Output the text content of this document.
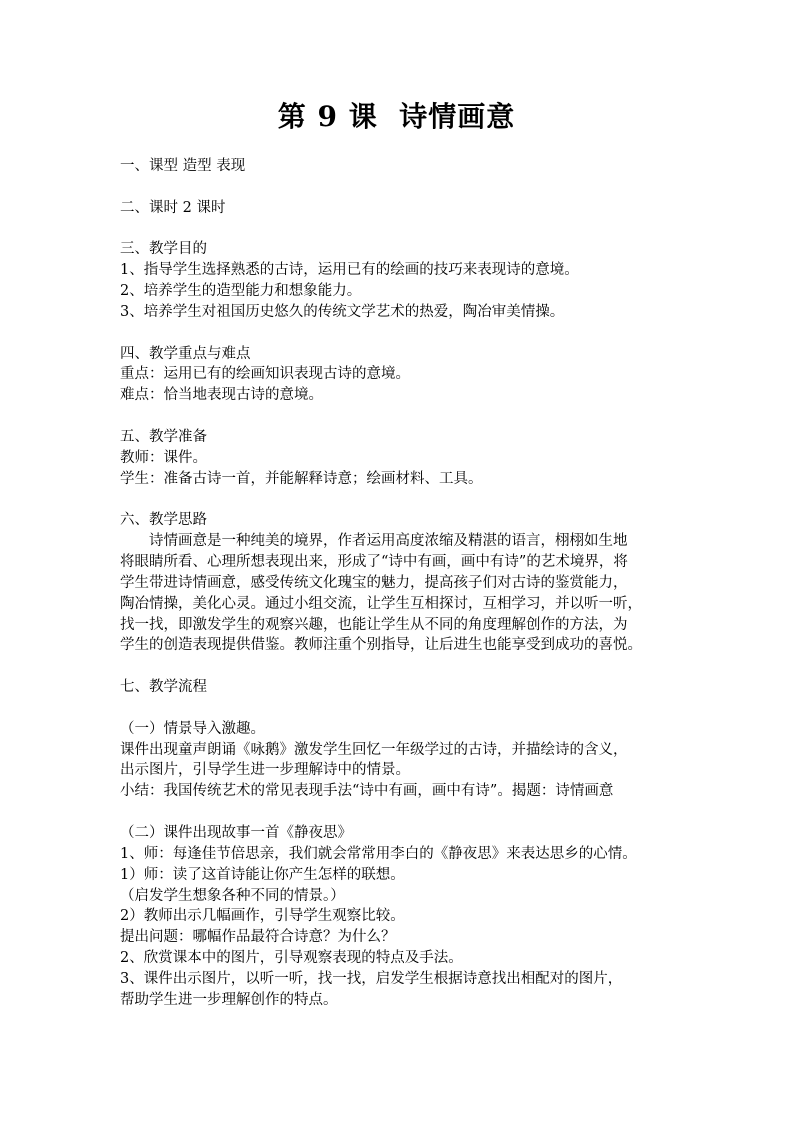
第 9 课  诗情画意
一、课型 造型 表现
二、课时 2 课时
三、教学目的
1、指导学生选择熟悉的古诗，运用已有的绘画的技巧来表现诗的意境。
2、培养学生的造型能力和想象能力。
3、培养学生对祖国历史悠久的传统文学艺术的热爱，陶冶审美情操。
四、教学重点与难点
重点：运用已有的绘画知识表现古诗的意境。
难点：恰当地表现古诗的意境。
五、教学准备
教师：课件。
学生：准备古诗一首，并能解释诗意；绘画材料、工具。
六、教学思路
诗情画意是一种纯美的境界，作者运用高度浓缩及精湛的语言，栩栩如生地
将眼睛所看、心理所想表现出来，形成了“诗中有画，画中有诗”的艺术境界，将
学生带进诗情画意，感受传统文化瑰宝的魅力，提高孩子们对古诗的鉴赏能力，
陶冶情操，美化心灵。通过小组交流，让学生互相探讨，互相学习，并以听一听，
找一找，即激发学生的观察兴趣，也能让学生从不同的角度理解创作的方法，为
学生的创造表现提供借鉴。教师注重个别指导，让后进生也能享受到成功的喜悦。
七、教学流程
（一）情景导入激趣。
课件出现童声朗诵《咏鹅》激发学生回忆一年级学过的古诗，并描绘诗的含义，
出示图片，引导学生进一步理解诗中的情景。
小结：我国传统艺术的常见表现手法“诗中有画，画中有诗”。揭题：诗情画意
（二）课件出现故事一首《静夜思》
1、师：每逢佳节倍思亲，我们就会常常用李白的《静夜思》来表达思乡的心情。
1）师：读了这首诗能让你产生怎样的联想。
（启发学生想象各种不同的情景。）
2）教师出示几幅画作，引导学生观察比较。
提出问题：哪幅作品最符合诗意？为什么？
2、欣赏课本中的图片，引导观察表现的特点及手法。
3、课件出示图片，以听一听，找一找，启发学生根据诗意找出相配对的图片，
帮助学生进一步理解创作的特点。
